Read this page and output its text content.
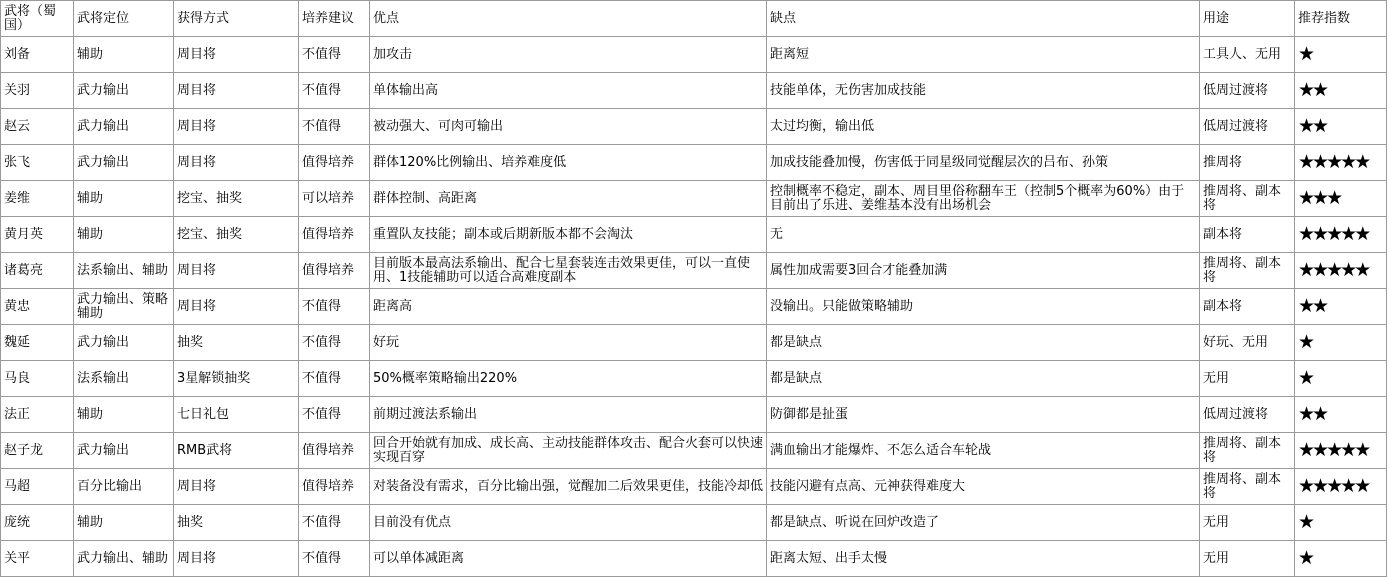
武将（蜀国）	武将定位	获得方式	培养建议	优点	缺点	用途	推荐指数
刘备	辅助	周目将	不值得	加攻击	距离短	工具人、无用	★
关羽	武力输出	周目将	不值得	单体输出高	技能单体，无伤害加成技能	低周过渡将	★★
赵云	武力输出	周目将	不值得	被动强大、可肉可输出	太过均衡，输出低	低周过渡将	★★
张飞	武力输出	周目将	值得培养	群体120%比例输出、培养难度低	加成技能叠加慢，伤害低于同星级同觉醒层次的吕布、孙策	推周将	★★★★★
姜维	辅助	挖宝、抽奖	可以培养	群体控制、高距离	控制概率不稳定，副本、周目里俗称翻车王（控制5个概率为60%）由于目前出了乐进、姜维基本没有出场机会	推周将、副本将	★★★
黄月英	辅助	挖宝、抽奖	值得培养	重置队友技能；副本或后期新版本都不会淘汰	无	副本将	★★★★★
诸葛亮	法系输出、辅助	周目将	值得培养	目前版本最高法系输出、配合七星套装连击效果更佳，可以一直使用、1技能辅助可以适合高难度副本	属性加成需要3回合才能叠加满	推周将、副本将	★★★★★
黄忠	武力输出、策略辅助	周目将	不值得	距离高	没输出。只能做策略辅助	副本将	★★
魏延	武力输出	抽奖	不值得	好玩	都是缺点	好玩、无用	★
马良	法系输出	3星解锁抽奖	不值得	50%概率策略输出220%	都是缺点	无用	★
法正	辅助	七日礼包	不值得	前期过渡法系输出	防御都是扯蛋	低周过渡将	★★
赵子龙	武力输出	RMB武将	值得培养	回合开始就有加成、成长高、主动技能群体攻击、配合火套可以快速实现百穿	满血输出才能爆炸、不怎么适合车轮战	推周将、副本将	★★★★★
马超	百分比输出	周目将	值得培养	对装备没有需求，百分比输出强，觉醒加二后效果更佳，技能冷却低	技能闪避有点高、元神获得难度大	推周将、副本将	★★★★★
庞统	辅助	抽奖	不值得	目前没有优点	都是缺点、听说在回炉改造了	无用	★
关平	武力输出、辅助	周目将	不值得	可以单体减距离	距离太短、出手太慢	无用	★
